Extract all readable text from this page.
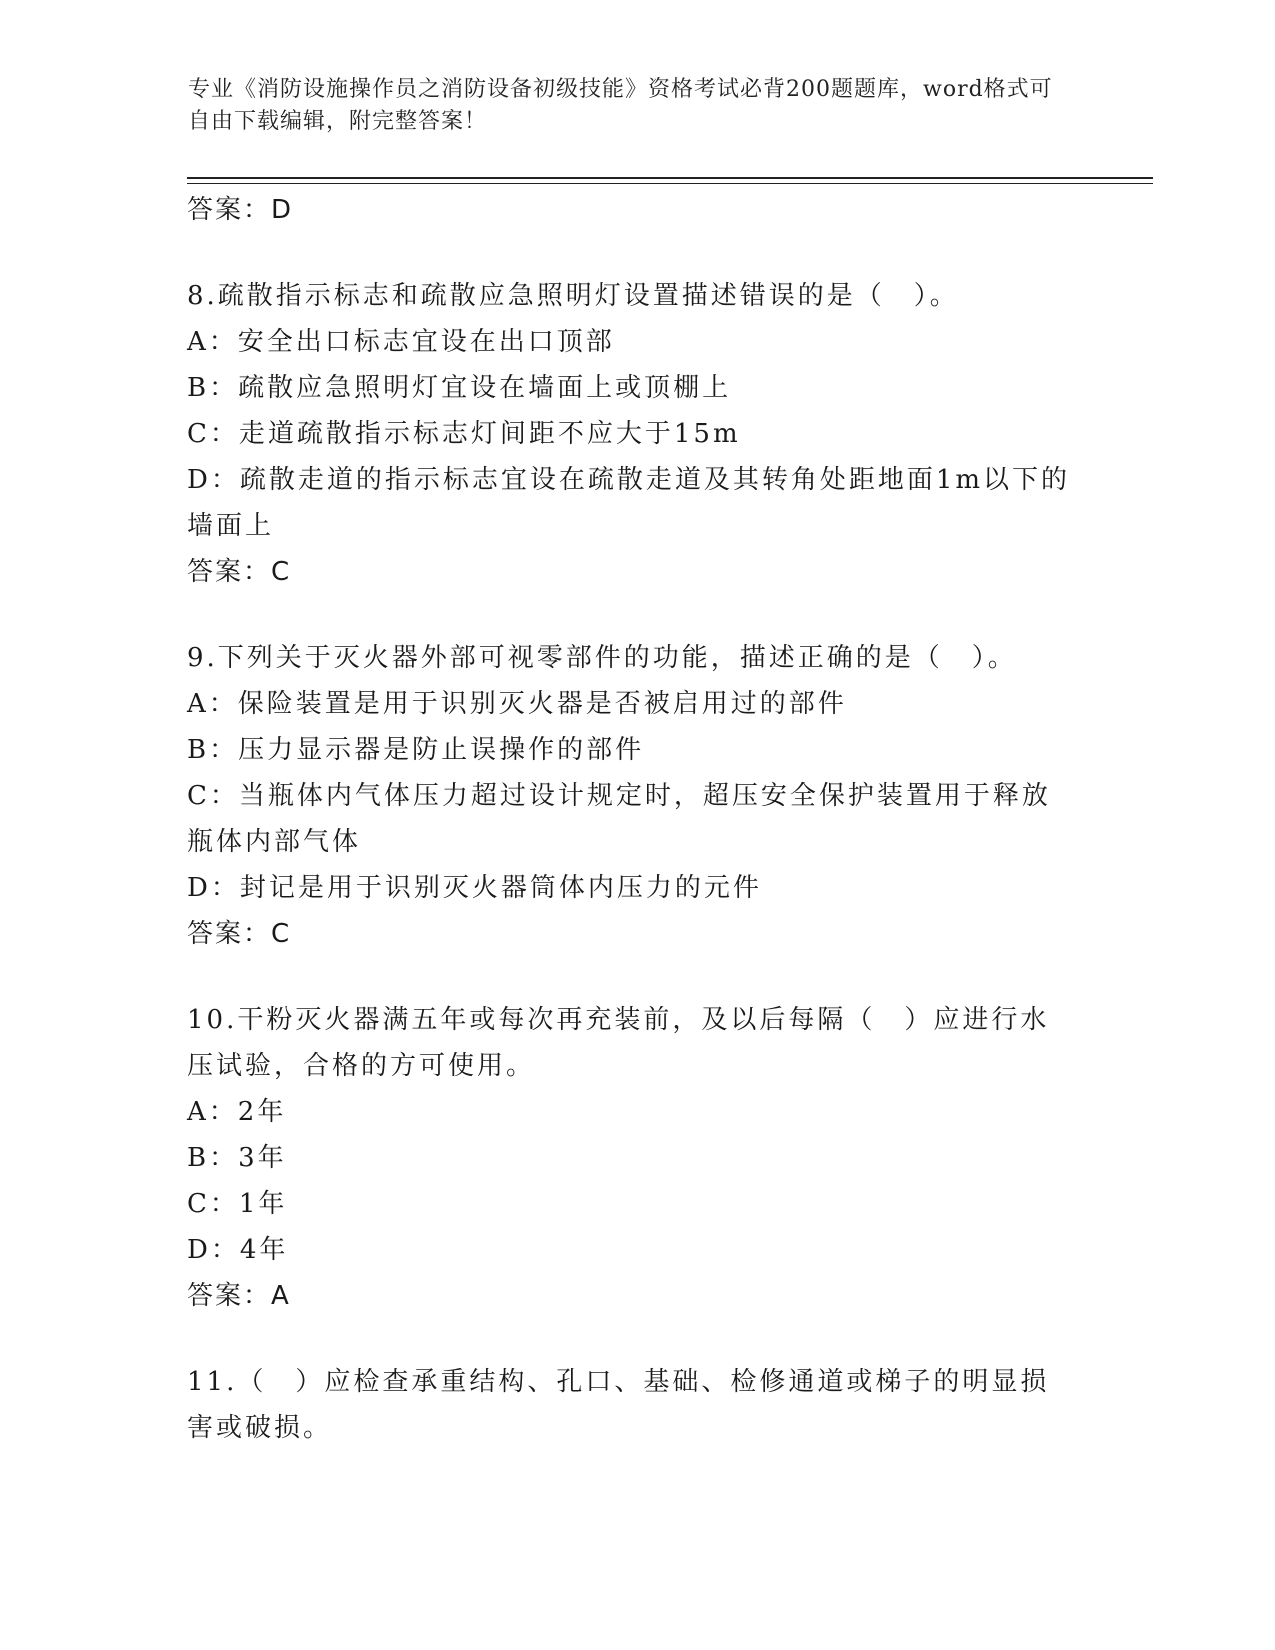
专业《消防设施操作员之消防设备初级技能》资格考试必背200题题库，word格式可自由下载编辑，附完整答案！

答案：D

8.疏散指示标志和疏散应急照明灯设置描述错误的是（　）。

A：安全出口标志宜设在出口顶部

B：疏散应急照明灯宜设在墙面上或顶棚上

C：走道疏散指示标志灯间距不应大于15m

D：疏散走道的指示标志宜设在疏散走道及其转角处距地面1m以下的墙面上

答案：C

9.下列关于灭火器外部可视零部件的功能，描述正确的是（　）。

A：保险装置是用于识别灭火器是否被启用过的部件

B：压力显示器是防止误操作的部件

C：当瓶体内气体压力超过设计规定时，超压安全保护装置用于释放瓶体内部气体

D：封记是用于识别灭火器筒体内压力的元件

答案：C

10.干粉灭火器满五年或每次再充装前，及以后每隔（　）应进行水压试验，合格的方可使用。

A：2年

B：3年

C：1年

D：4年

答案：A

11.（　）应检查承重结构、孔口、基础、检修通道或梯子的明显损害或破损。
